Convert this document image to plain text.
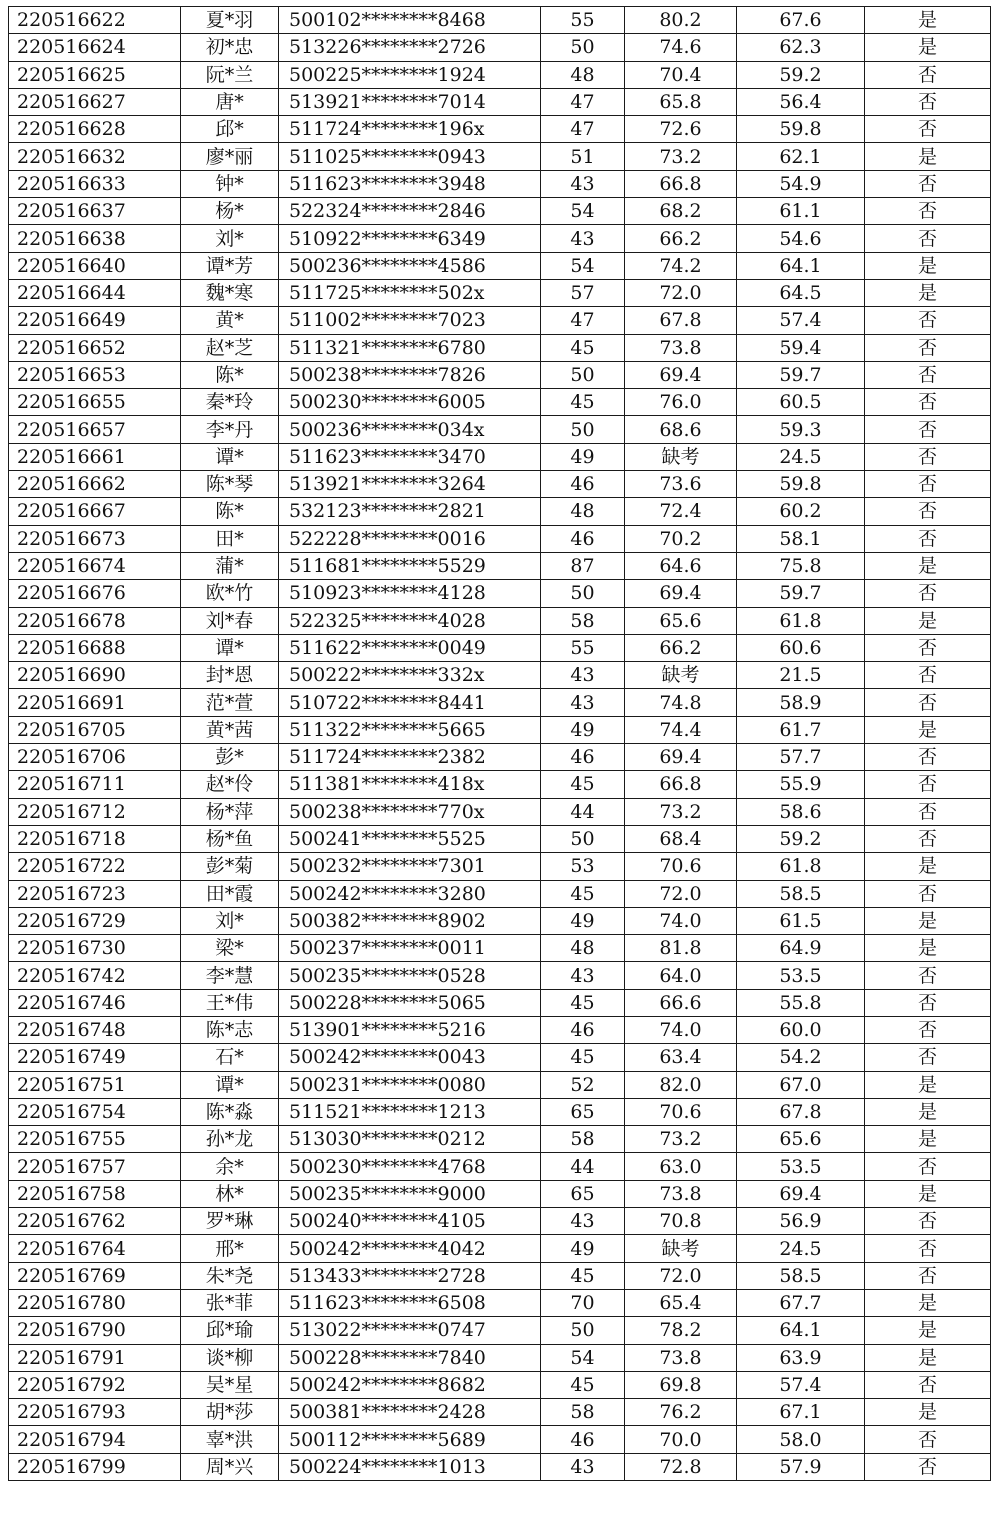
220516622	夏*羽	500102********8468	55	80.2	67.6	是
220516624	初*忠	513226********2726	50	74.6	62.3	是
220516625	阮*兰	500225********1924	48	70.4	59.2	否
220516627	唐*	513921********7014	47	65.8	56.4	否
220516628	邱*	511724********196x	47	72.6	59.8	否
220516632	廖*丽	511025********0943	51	73.2	62.1	是
220516633	钟*	511623********3948	43	66.8	54.9	否
220516637	杨*	522324********2846	54	68.2	61.1	否
220516638	刘*	510922********6349	43	66.2	54.6	否
220516640	谭*芳	500236********4586	54	74.2	64.1	是
220516644	魏*寒	511725********502x	57	72.0	64.5	是
220516649	黄*	511002********7023	47	67.8	57.4	否
220516652	赵*芝	511321********6780	45	73.8	59.4	否
220516653	陈*	500238********7826	50	69.4	59.7	否
220516655	秦*玲	500230********6005	45	76.0	60.5	否
220516657	李*丹	500236********034x	50	68.6	59.3	否
220516661	谭*	511623********3470	49	缺考	24.5	否
220516662	陈*琴	513921********3264	46	73.6	59.8	否
220516667	陈*	532123********2821	48	72.4	60.2	否
220516673	田*	522228********0016	46	70.2	58.1	否
220516674	蒲*	511681********5529	87	64.6	75.8	是
220516676	欧*竹	510923********4128	50	69.4	59.7	否
220516678	刘*春	522325********4028	58	65.6	61.8	是
220516688	谭*	511622********0049	55	66.2	60.6	否
220516690	封*恩	500222********332x	43	缺考	21.5	否
220516691	范*萱	510722********8441	43	74.8	58.9	否
220516705	黄*茜	511322********5665	49	74.4	61.7	是
220516706	彭*	511724********2382	46	69.4	57.7	否
220516711	赵*伶	511381********418x	45	66.8	55.9	否
220516712	杨*萍	500238********770x	44	73.2	58.6	否
220516718	杨*鱼	500241********5525	50	68.4	59.2	否
220516722	彭*菊	500232********7301	53	70.6	61.8	是
220516723	田*霞	500242********3280	45	72.0	58.5	否
220516729	刘*	500382********8902	49	74.0	61.5	是
220516730	梁*	500237********0011	48	81.8	64.9	是
220516742	李*慧	500235********0528	43	64.0	53.5	否
220516746	王*伟	500228********5065	45	66.6	55.8	否
220516748	陈*志	513901********5216	46	74.0	60.0	否
220516749	石*	500242********0043	45	63.4	54.2	否
220516751	谭*	500231********0080	52	82.0	67.0	是
220516754	陈*淼	511521********1213	65	70.6	67.8	是
220516755	孙*龙	513030********0212	58	73.2	65.6	是
220516757	余*	500230********4768	44	63.0	53.5	否
220516758	林*	500235********9000	65	73.8	69.4	是
220516762	罗*琳	500240********4105	43	70.8	56.9	否
220516764	邢*	500242********4042	49	缺考	24.5	否
220516769	朱*尧	513433********2728	45	72.0	58.5	否
220516780	张*菲	511623********6508	70	65.4	67.7	是
220516790	邱*瑜	513022********0747	50	78.2	64.1	是
220516791	谈*柳	500228********7840	54	73.8	63.9	是
220516792	吴*星	500242********8682	45	69.8	57.4	否
220516793	胡*莎	500381********2428	58	76.2	67.1	是
220516794	辜*洪	500112********5689	46	70.0	58.0	否
220516799	周*兴	500224********1013	43	72.8	57.9	否
